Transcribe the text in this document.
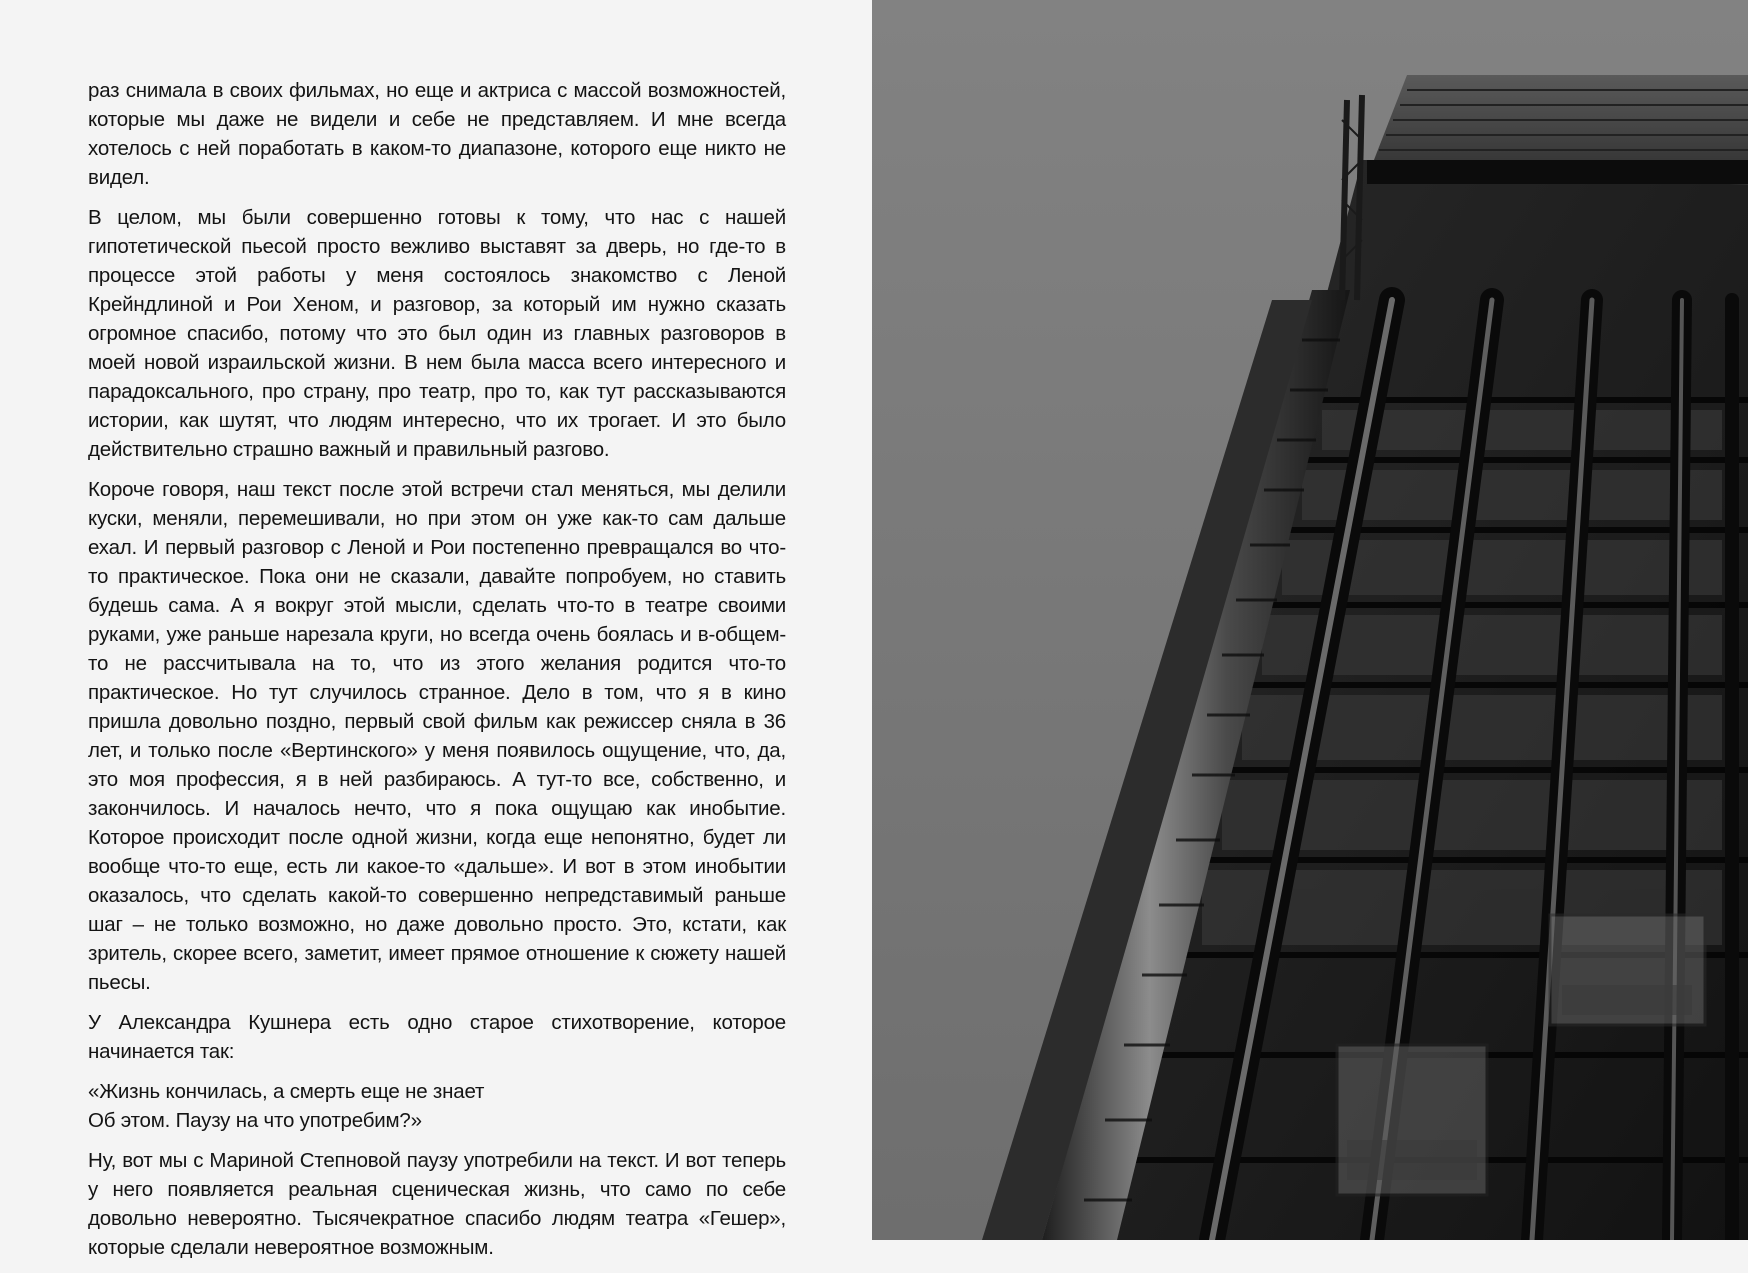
раз снимала в своих фильмах, но еще и актриса с массой возможностей, которые мы даже не видели и себе не представляем. И мне всегда хотелось с ней поработать в каком-то диапазоне, которого еще никто не видел.

В целом, мы были совершенно готовы к тому, что нас с нашей гипотетической пьесой просто вежливо выставят за дверь, но где-то в процессе этой работы у меня состоялось знакомство с Леной Крейндлиной и Рои Хеном, и разговор, за который им нужно сказать огромное спасибо, потому что это был один из главных разговоров в моей новой израильской жизни. В нем была масса всего интересного и парадоксального, про страну, про театр, про то, как тут рассказываются истории, как шутят, что людям интересно, что их трогает. И это было действительно страшно важный и правильный разгово.

Короче говоря, наш текст после этой встречи стал меняться, мы делили куски, меняли, перемешивали, но при этом он уже как-то сам дальше ехал. И первый разговор с Леной и Рои постепенно превращался во что-то практическое. Пока они не сказали, давайте попробуем, но ставить будешь сама. А я вокруг этой мысли, сделать что-то в театре своими руками, уже раньше нарезала круги, но всегда очень боялась и в-общем-то не рассчитывала на то, что из этого желания родится что-то практическое. Но тут случилось странное. Дело в том, что я в кино пришла довольно поздно, первый свой фильм как режиссер сняла в 36 лет, и только после «Вертинского» у меня появилось ощущение, что, да, это моя профессия, я в ней разбираюсь. А тут-то все, собственно, и закончилось. И началось нечто, что я пока ощущаю как инобытие. Которое происходит после одной жизни, когда еще непонятно, будет ли вообще что-то еще, есть ли какое-то «дальше». И вот в этом инобытии оказалось, что сделать какой-то совершенно непредставимый раньше шаг – не только возможно, но даже довольно просто. Это, кстати, как зритель, скорее всего, заметит, имеет прямое отношение к сюжету нашей пьесы.

У Александра Кушнера есть одно старое стихотворение, которое начинается так:

«Жизнь кончилась, а смерть еще не знает
Об этом. Паузу на что употребим?»

Ну, вот мы с Мариной Степновой паузу употребили на текст. И вот теперь у него появляется реальная сценическая жизнь, что само по себе довольно невероятно. Тысячекратное спасибо людям театра «Гешер», которые сделали невероятное возможным.
